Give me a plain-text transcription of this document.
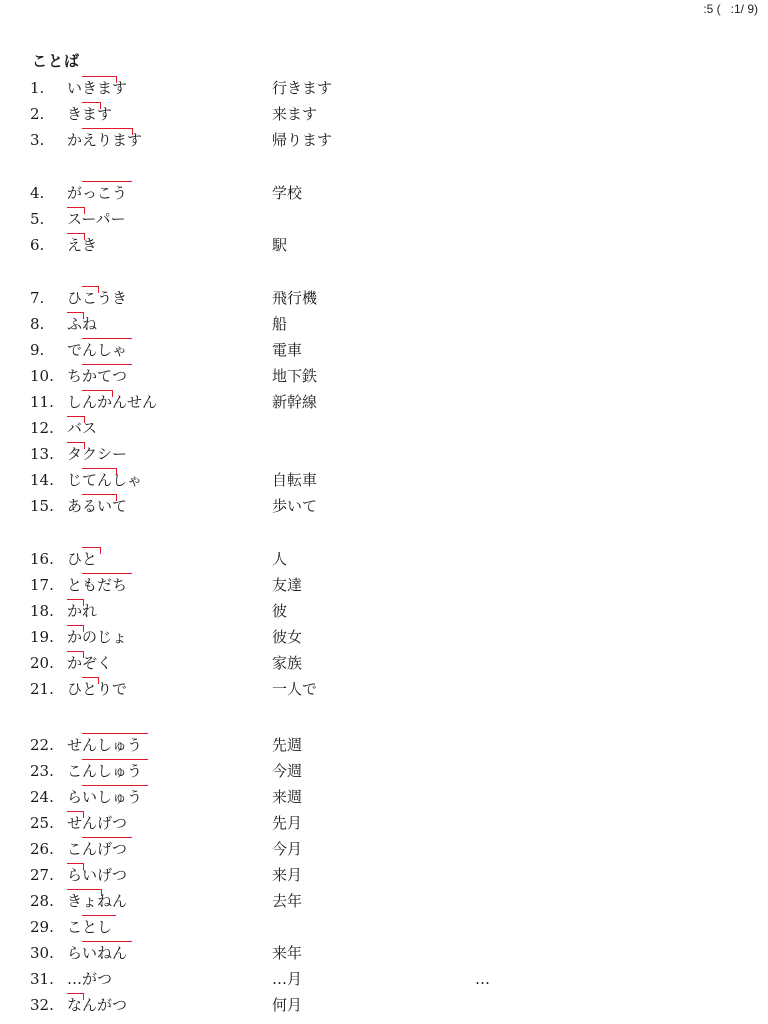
:5 (   :1/ 9)
ことば
1.	いきます	行きます
2.	きます	来ます
3.	かえります	帰ります
4.	がっこう	学校
5.	スーパー
6.	えき	駅
7.	ひこうき	飛行機
8.	ふね	船
9.	でんしゃ	電車
10. ちかてつ	地下鉄
11. しんかんせん	新幹線
12. バス
13. タクシー
14. じてんしゃ	自転車
15. あるいて	歩いて
16. ひと	人
17. ともだち	友達
18. かれ	彼
19. かのじょ	彼女
20. かぞく	家族
21. ひとりで	一人で
22. せんしゅう	先週
23. こんしゅう	今週
24. らいしゅう	来週
25. せんげつ	先月
26. こんげつ	今月
27. らいげつ	来月
28. きょねん	去年
29. ことし
30. らいねん	来年
31. …がつ	…月	…
32. なんがつ	何月
